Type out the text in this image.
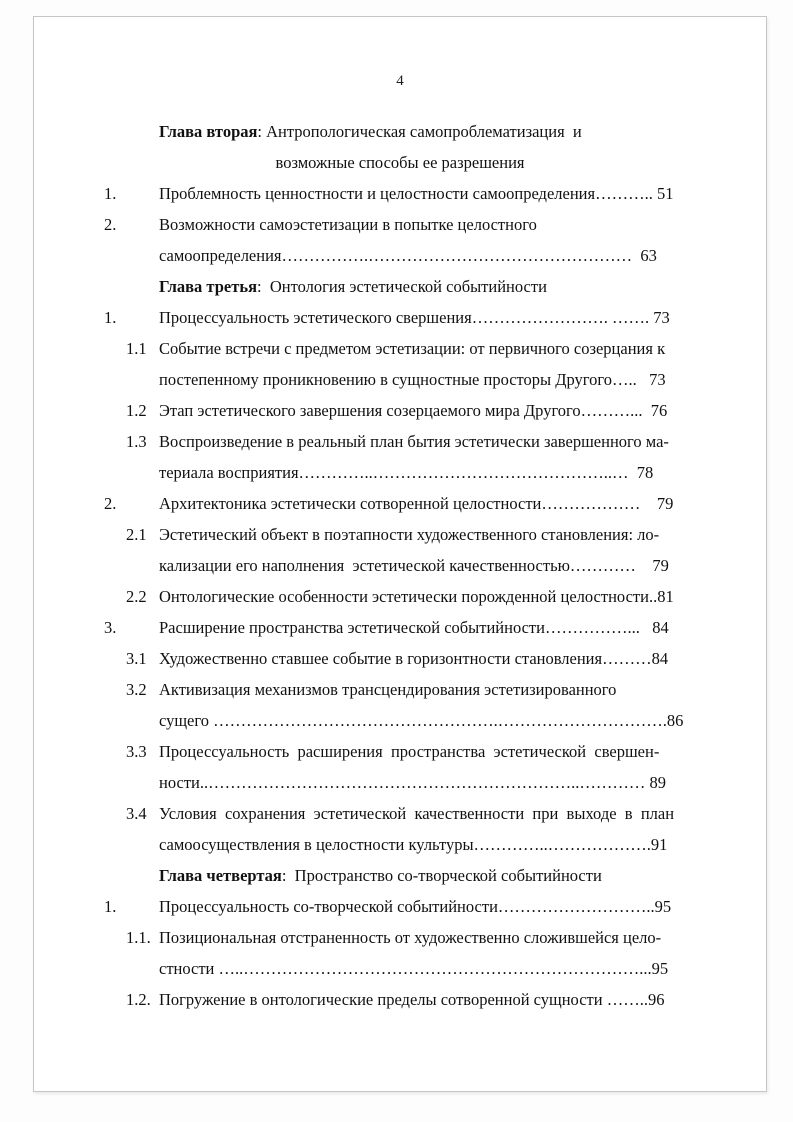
4
Глава вторая: Антропологическая самопроблематизация  и
возможные способы ее разрешения
1.	Проблемность ценностности и целостности самоопределения……….. 51
2.	Возможности самоэстетизации в попытке целостного
самоопределения…………….…………………………………………  63
Глава третья:  Онтология эстетической событийности
1.	Процессуальность эстетического свершения……………………. ……. 73
1.1 Событие встречи с предметом эстетизации: от первичного созерцания к
постепенному проникновению в сущностные просторы Другого…..   73
1.2 Этап эстетического завершения созерцаемого мира Другого………...  76
1.3 Воспроизведение в реальный план бытия эстетически завершенного ма-
териала восприятия…………..……………………………………..…  78
2.	Архитектоника эстетически сотворенной целостности………………    79
2.1 Эстетический объект в поэтапности художественного становления: ло-
кализации его наполнения  эстетической качественностью…………    79
2.2 Онтологические особенности эстетически порожденной целостности..81
3.	Расширение пространства эстетической событийности……………...   84
3.1 Художественно ставшее событие в горизонтности становления………84
3.2 Активизация механизмов трансцендирования эстетизированного
сущего …………………………………………….………………………….86
3.3 Процессуальность  расширения  пространства  эстетической  свершен-
ности..…………………………………………………………..………… 89
3.4 Условия  сохранения  эстетической  качественности  при  выходе  в  план
самоосуществления в целостности культуры…………..……………….91
Глава четвертая:  Пространство со-творческой событийности
1.	Процессуальность со-творческой событийности………………………..95
1.1. Позициональная отстраненность от художественно сложившейся цело-
стности …..………………………………………………………………...95
1.2. Погружение в онтологические пределы сотворенной сущности ……..96
